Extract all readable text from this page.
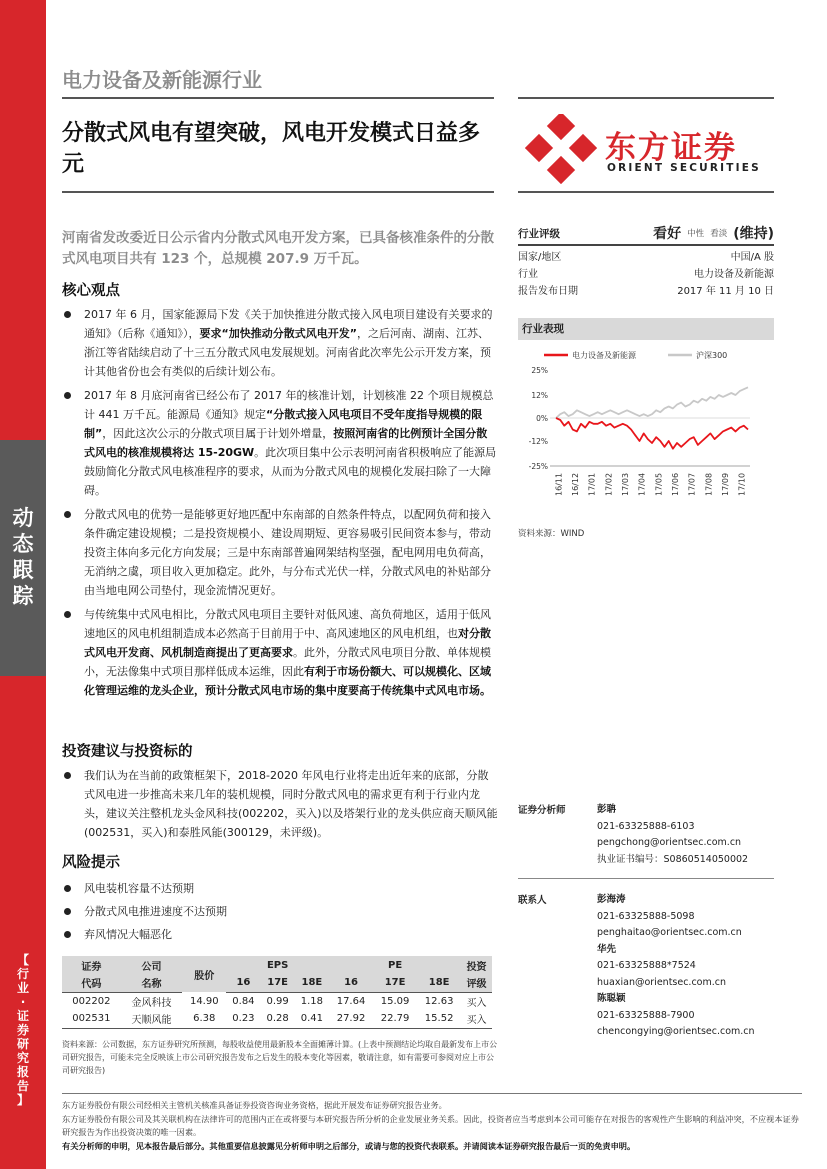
动
态
跟
踪
【
行
业
·
证
券
研
究
报
告
】
电力设备及新能源行业
分散式风电有望突破，风电开发模式日益多元	东方证券
ORIENT SECURITIES
河南省发改委近日公示省内分散式风电开发方案，已具备核准条件的分散式风电项目共有 123 个，总规模 207.9 万千瓦。
核心观点
2017 年 6 月，国家能源局下发《关于加快推进分散式接入风电项目建设有关要求的通知》（后称《通知》），要求“加快推动分散式风电开发”，之后河南、湖南、江苏、浙江等省陆续启动了十三五分散式风电发展规划。河南省此次率先公示开发方案，预计其他省份也会有类似的后续计划公布。
2017 年 8 月底河南省已经公布了 2017 年的核准计划，计划核准 22 个项目规模总计 441 万千瓦。能源局《通知》规定“分散式接入风电项目不受年度指导规模的限制”，因此这次公示的分散式项目属于计划外增量，按照河南省的比例预计全国分散式风电的核准规模将达 15-20GW。此次项目集中公示表明河南省积极响应了能源局鼓励简化分散式风电核准程序的要求，从而为分散式风电的规模化发展扫除了一大障碍。
分散式风电的优势一是能够更好地匹配中东南部的自然条件特点，以配网负荷和接入条件确定建设规模；二是投资规模小、建设周期短、更容易吸引民间资本参与，带动投资主体向多元化方向发展；三是中东南部普遍网架结构坚强，配电网用电负荷高，无消纳之虞，项目收入更加稳定。此外，与分布式光伏一样，分散式风电的补贴部分由当地电网公司垫付，现金流情况更好。
与传统集中式风电相比，分散式风电项目主要针对低风速、高负荷地区，适用于低风速地区的风电机组制造成本必然高于目前用于中、高风速地区的风电机组，也对分散式风电开发商、风机制造商提出了更高要求。此外，分散式风电项目分散、单体规模小，无法像集中式项目那样低成本运维，因此有利于市场份额大、可以规模化、区域化管理运维的龙头企业，预计分散式风电市场的集中度要高于传统集中式风电市场。
投资建议与投资标的
我们认为在当前的政策框架下，2018-2020 年风电行业将走出近年来的底部，分散式风电进一步推高未来几年的装机规模，同时分散式风电的需求更有利于行业内龙头，建议关注整机龙头金风科技(002202，买入)以及塔架行业的龙头供应商天顺风能(002531，买入)和泰胜风能(300129，未评级)。
风险提示
风电装机容量不达预期
分散式风电推进速度不达预期
弃风情况大幅恶化
行业评级	看好 中性 看淡 (维持)
国家/地区	中国/A 股
行业	电力设备及新能源
报告发布日期	2017 年 11 月 10 日
行业表现
电力设备及新能源	沪深300
25%
12%
0%
-12%
-25%
16/11 16/12 17/01 17/02 17/03 17/04 17/05 17/06 17/07 17/08 17/09 17/10
资料来源：WIND
证券分析师	彭聃
021-63325888-6103
pengchong@orientsec.com.cn
执业证书编号：S0860514050002
联系人	彭海涛
021-63325888-5098
penghaitao@orientsec.com.cn
华先
021-63325888*7524
huaxian@orientsec.com.cn
陈聪颖
021-63325888-7900
chencongying@orientsec.com.cn
证券	公司	股价	EPS			PE			投资
代码	名称		16	17E	18E	16	17E	18E	评级
002202	金风科技	14.90	0.84	0.99	1.18	17.64	15.09	12.63	买入
002531	天顺风能	6.38	0.23	0.28	0.41	27.92	22.79	15.52	买入
资料来源：公司数据，东方证券研究所预测，每股收益使用最新股本全面摊薄计算。(上表中预测结论均取自最新发布上市公司研究报告，可能未完全反映该上市公司研究报告发布之后发生的股本变化等因素，敬请注意，如有需要可参阅对应上市公司研究报告)
东方证券股份有限公司经相关主管机关核准具备证券投资咨询业务资格，据此开展发布证券研究报告业务。
东方证券股份有限公司及其关联机构在法律许可的范围内正在或将要与本研究报告所分析的企业发展业务关系。因此，投资者应当考虑到本公司可能存在对报告的客观性产生影响的利益冲突，不应视本证券研究报告为作出投资决策的唯一因素。
有关分析师的申明，见本报告最后部分。其他重要信息披露见分析师申明之后部分，或请与您的投资代表联系。并请阅读本证券研究报告最后一页的免责申明。
